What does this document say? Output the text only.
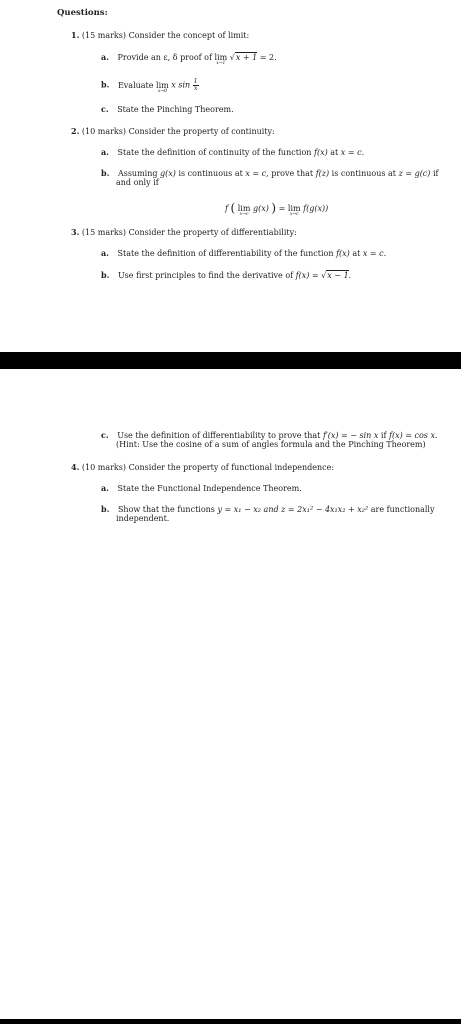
Questions:
1. (15 marks) Consider the concept of limit:
a. Provide an ε, δ proof of lim
x→1
√x + 1 = 2.
b. Evaluate lim
x→0
x $\sin \frac{1}{x}$
c. State the Pinching Theorem.
2. (10 marks) Consider the property of continuity:
a. State the definition of continuity of the function f(x) at x = c.
b. Assuming g(x) is continuous at x = c, prove that f(z) is continuous at z = g(c) if
and only if
f ( lim
x→c
g(x) ) = lim
x→c
f(g(x))
3. (15 marks) Consider the property of differentiability:
a. State the definition of differentiability of the function f(x) at x = c.
b. Use first principles to find the derivative of f(x) = √x − 1.
c. Use the definition of differentiability to prove that f′(x) = − sin x if f(x) = cos x.
(Hint: Use the cosine of a sum of angles formula and the Pinching Theorem)
4. (10 marks) Consider the property of functional independence:
a. State the Functional Independence Theorem.
b. Show that the functions y = x₁ − x₂ and z = 2x₁² − 4x₁x₂ + x₂² are functionally
independent.
